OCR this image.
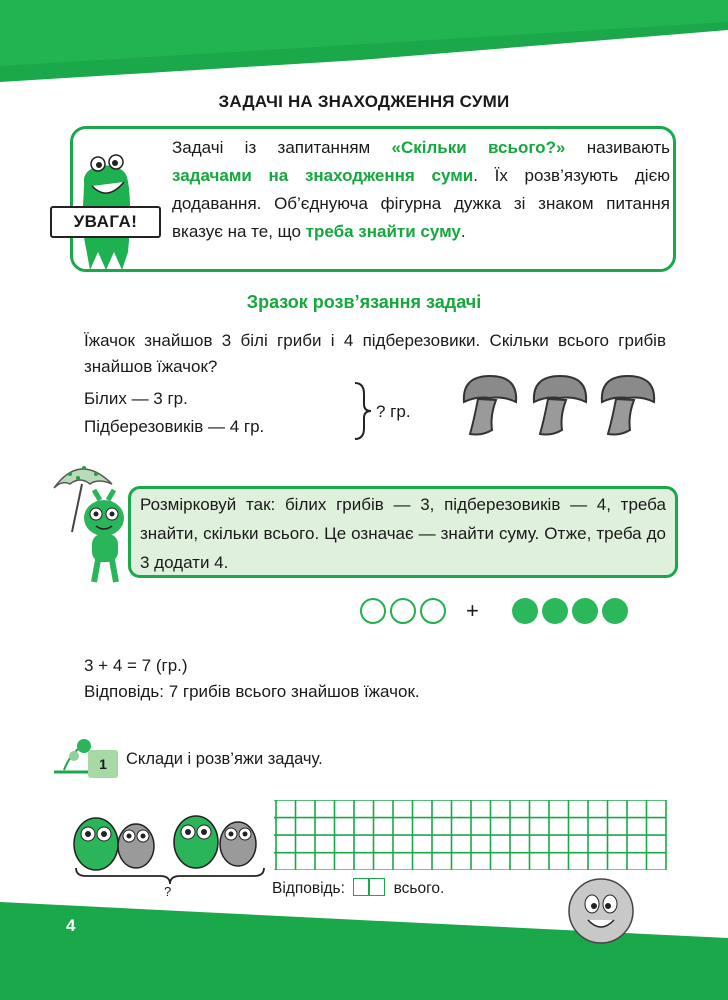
ЗАДАЧІ НА ЗНАХОДЖЕННЯ СУМИ
УВАГА!
Задачі із запитанням «Скільки всього?» називають задачами на знаходження суми. Їх розв’язують дією додавання. Об’єднуюча фігурна дужка зі знаком питання вказує на те, що треба знайти суму.
Зразок розв’язання задачі
Їжачок знайшов 3 білі гриби і 4 підберезовики. Скільки всього грибів знайшов їжачок?
Білих — 3 гр.
Підберезовиків — 4 гр.
? гр.
Розмірковуй так: білих грибів — 3, підберезовиків — 4, треба знайти, скільки всього. Це означає — знайти суму. Отже, треба до 3 додати 4.
+
3 + 4 = 7 (гр.)
Відповідь: 7 грибів всього знайшов їжачок.
1	Склади і розв’яжи задачу.
?	Відповідь:	всього.
4
